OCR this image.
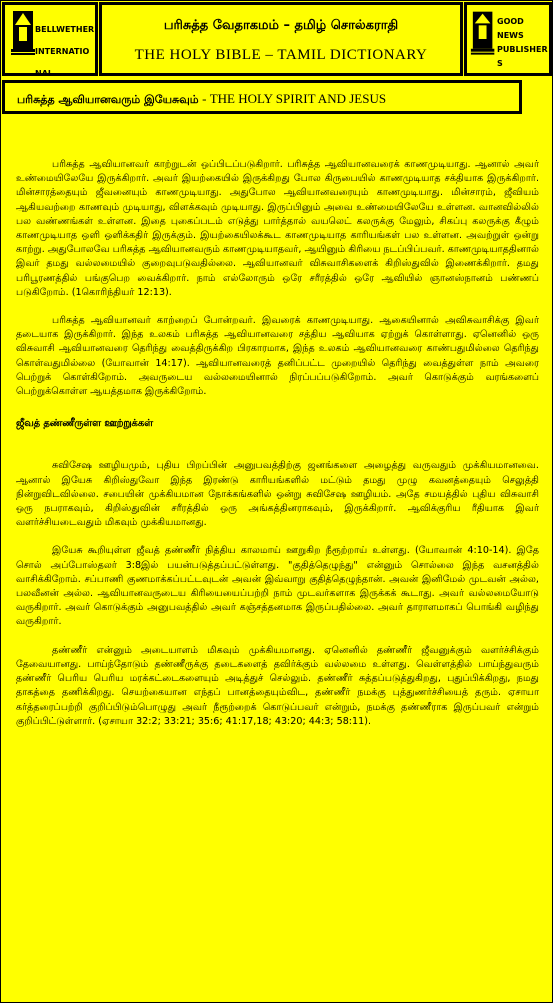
BELLWETHER INTERNATIONAL
பரிசுத்த வேதாகமம் – தமிழ் சொல்கராதி
THE HOLY BIBLE – TAMIL DICTIONARY
GOOD NEWS PUBLISHERS
பரிசுத்த ஆவியானவரும் இயேசுவும் - THE HOLY SPIRIT AND JESUS

பரிசுத்த ஆவியானவர் காற்றுடன் ஒப்பிடப்படுகிறார். பரிசுத்த ஆவியானவரைக் காணமுடியாது. ஆனால் அவர் உண்மையிலேயே இருக்கிறார். அவர் இயற்கையில் இருக்கிறது போல கிருபையில் காணமுடியாத சக்தியாக இருக்கிறார். மின்சாரத்தையும் ஜீவனையும் காணமுடியாது. அதுபோல ஆவியானவரையும் காணமுடியாது. மின்சாரம், ஜீவியம் ஆகியவற்றை காணவும் முடியாது, விளக்கவும் முடியாது. இருப்பினும் அவை உண்மையிலேயே உள்ளன. வானவில்லில் பல வண்ணங்கள் உள்ளன. இதை புகைப்படம் எடுத்து பார்த்தால் வயலெட் கலருக்கு மேலும், சிகப்பு கலருக்கு கீழும் காணமுடியாத ஒளி ஒளிக்கதிர் இருக்கும். இயற்கையிலக்கூட காணமுடியாத காரியங்கள் பல உள்ளன. அவற்றுள் ஒன்று காற்று. அதுபோலவே பரிசுத்த ஆவியானவரும் காணமுடியாதவர், ஆயினும் கிரியை நடப்பிப்பவர். காணமுடியாததினால் இவர் தமது வல்லமையில் குறைவுபடுவதில்லை. ஆவியானவர் விசுவாசிகளைக் கிறிஸ்துவில் இணைக்கிறார். தமது பரிபூரணத்தில் பங்குபெற வைக்கிறார். நாம் எல்லோரும் ஒரே சரீரத்தில் ஒரே ஆவியில் ஞானஸ்நானம் பண்ணப் படுகிறோம். (1கொரிந்தியர் 12:13).

பரிசுத்த ஆவியானவர் காற்றைப் போன்றவர். இவரைக் காணமுடியாது. ஆகையினால் அவிசுவாசிக்கு இவர் தடையாக இருக்கிறார். இந்த உலகம் பரிசுத்த ஆவியானவரை சத்திய ஆவியாக ஏற்றுக் கொள்ளாது. ஏனெனில் ஒரு விசுவாசி ஆவியானவரை தெரிந்து வைத்திருக்கிற பிரகாரமாக, இந்த உலகம் ஆவியானவரை காண்பதுமில்லை தெரிந்து கொள்வதுமில்லை (யோவான் 14:17). ஆவியானவரைத் தனிப்பட்ட முறையில் தெரிந்து வைத்துள்ள நாம் அவரை பெற்றுக் கொள்கிறோம். அவருடைய வல்லமையினால் நிரப்பப்படுகிறோம். அவர் கொடுக்கும் வரங்களைப் பெற்றுக்கொள்ள ஆயத்தமாக இருக்கிறோம்.

ஜீவத் தண்ணீருள்ள ஊற்றுக்கள்

சுவிசேஷ ஊழியமும், புதிய பிறப்பின் அனுபவத்திற்கு ஜனங்களை அழைத்து வருவதும் முக்கியமானவை. ஆனால் இயேசு கிறிஸ்துவோ இந்த இரண்டு காரியங்களில் மட்டும் தமது முழு கவனத்தையும் செலுத்தி நின்றுவிடவில்லை. சபையின் முக்கியமான நோக்கங்களில் ஒன்று சுவிசேஷ ஊழியம். அதே சமயத்தில் புதிய விசுவாசி ஒரு நபராகவும், கிறிஸ்துவின் சரீரத்தில் ஒரு அங்கத்தினராகவும், இருக்கிறார். ஆவிக்குரிய ரீதியாக இவர் வளர்ச்சியடைவதும் மிகவும் முக்கியமானது.

இயேசு கூறியுள்ள ஜீவத் தண்ணீர் நித்திய காலமாய் ஊறுகிற நீரூற்றாய் உள்ளது. (யோவான் 4:10-14). இதே சொல் அப்போஸ்தலர் 3:8இல் பயன்படுத்தப்பட்டுள்ளது. "குதித்தெழுந்து" என்னும் சொல்லை இந்த வசனத்தில் வாசிக்கிறோம். சப்பாணி குணமாக்கப்பட்டவுடன் அவன் இவ்வாறு குதித்தெழுந்தான். அவன் இனிமேல் முடவன் அல்ல, பலவீனன் அல்ல. ஆவியானவருடைய கிரியையைப்பற்றி நாம் முடவர்களாக இருக்கக் கூடாது. அவர் வல்லமையோடு வருகிறார். அவர் கொடுக்கும் அனுபவத்தில் அவர் கஞ்சத்தனமாக இருப்பதில்லை. அவர் தாராளமாகப் பொங்கி வழிந்து வருகிறார்.

தண்ணீர் என்னும் அடையாளம் மிகவும் முக்கியமானது. ஏனெனில் தண்ணீர் ஜீவனுக்கும் வளர்ச்சிக்கும் தேவையானது. பாய்ந்தோடும் தண்ணீருக்கு தடைகளைத் தவிர்க்கும் வல்லமை உள்ளது. வெள்ளத்தில் பாய்ந்துவரும் தண்ணீர் பெரிய பெரிய மரக்கட்டைகளையும் அடித்துச் செல்லும். தண்ணீர் சுத்தப்படுத்துகிறது, புதுப்பிக்கிறது, நமது தாகத்தை தணிக்கிறது. செயற்கையான எந்தப் பானத்தையும்விட, தண்ணீர் நமக்கு புத்துணர்ச்சியைத் தரும். ஏசாயா கர்த்தரைப்பற்றி குறிப்பிடும்பொழுது அவர் நீரூற்றைக் கொடுப்பவர் என்றும், நமக்கு தண்ணீராக இருப்பவர் என்றும் குறிப்பிட்டுள்ளார். (ஏசாயா 32:2; 33:21; 35:6; 41:17,18; 43:20; 44:3; 58:11).
